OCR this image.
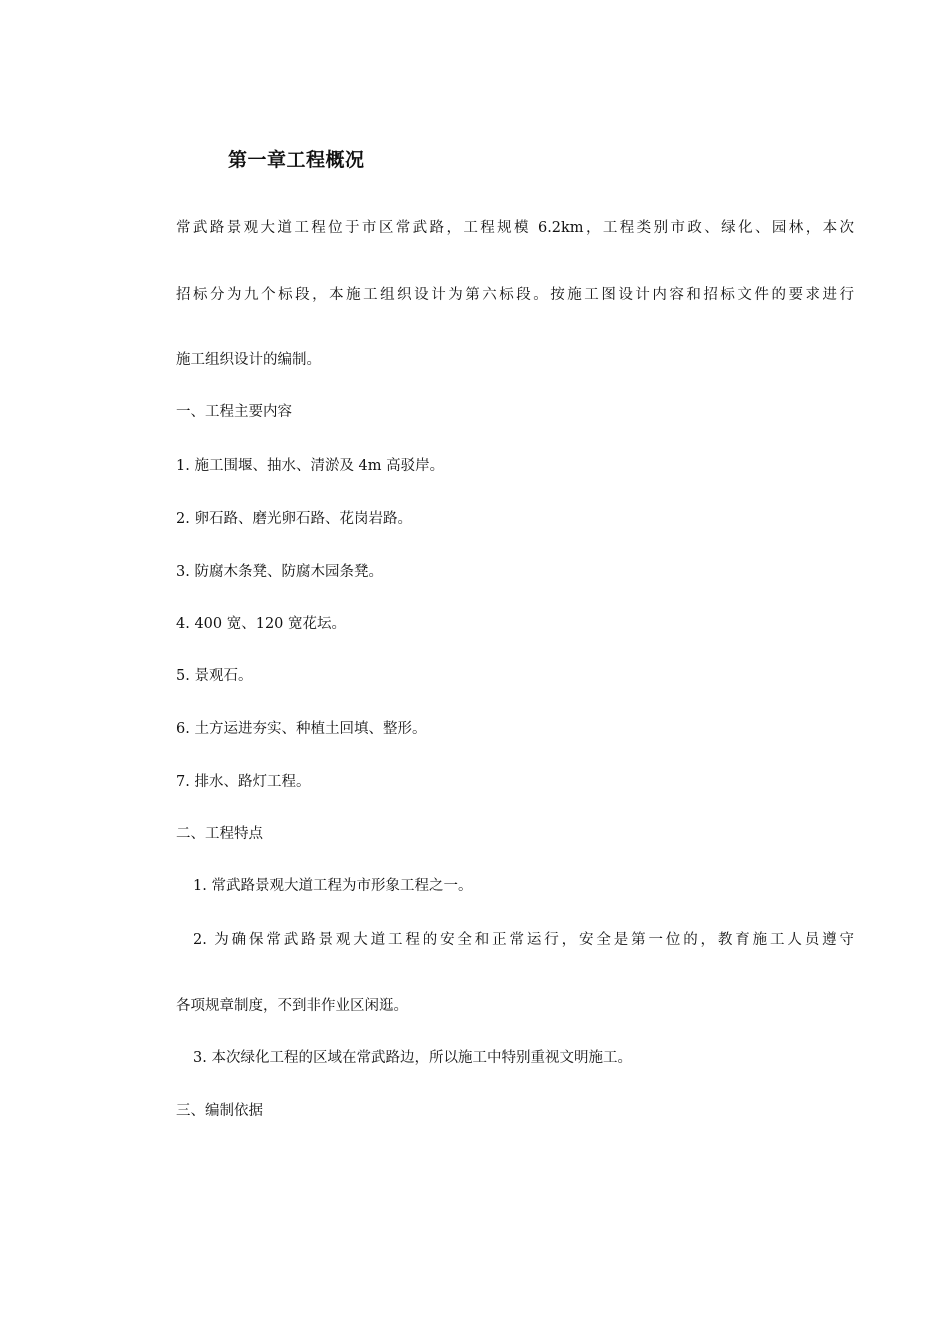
第一章工程概况
常武路景观大道工程位于市区常武路，工程规模 6.2km，工程类别市政、绿化、园林，本次
招标分为九个标段，本施工组织设计为第六标段。按施工图设计内容和招标文件的要求进行
施工组织设计的编制。
一、工程主要内容
1. 施工围堰、抽水、清淤及 4m 高驳岸。
2. 卵石路、磨光卵石路、花岗岩路。
3. 防腐木条凳、防腐木园条凳。
4. 400 宽、120 宽花坛。
5. 景观石。
6. 土方运进夯实、种植土回填、整形。
7. 排水、路灯工程。
二、工程特点
1. 常武路景观大道工程为市形象工程之一。
2. 为确保常武路景观大道工程的安全和正常运行，安全是第一位的，教育施工人员遵守
各项规章制度，不到非作业区闲逛。
3. 本次绿化工程的区域在常武路边，所以施工中特别重视文明施工。
三、编制依据
